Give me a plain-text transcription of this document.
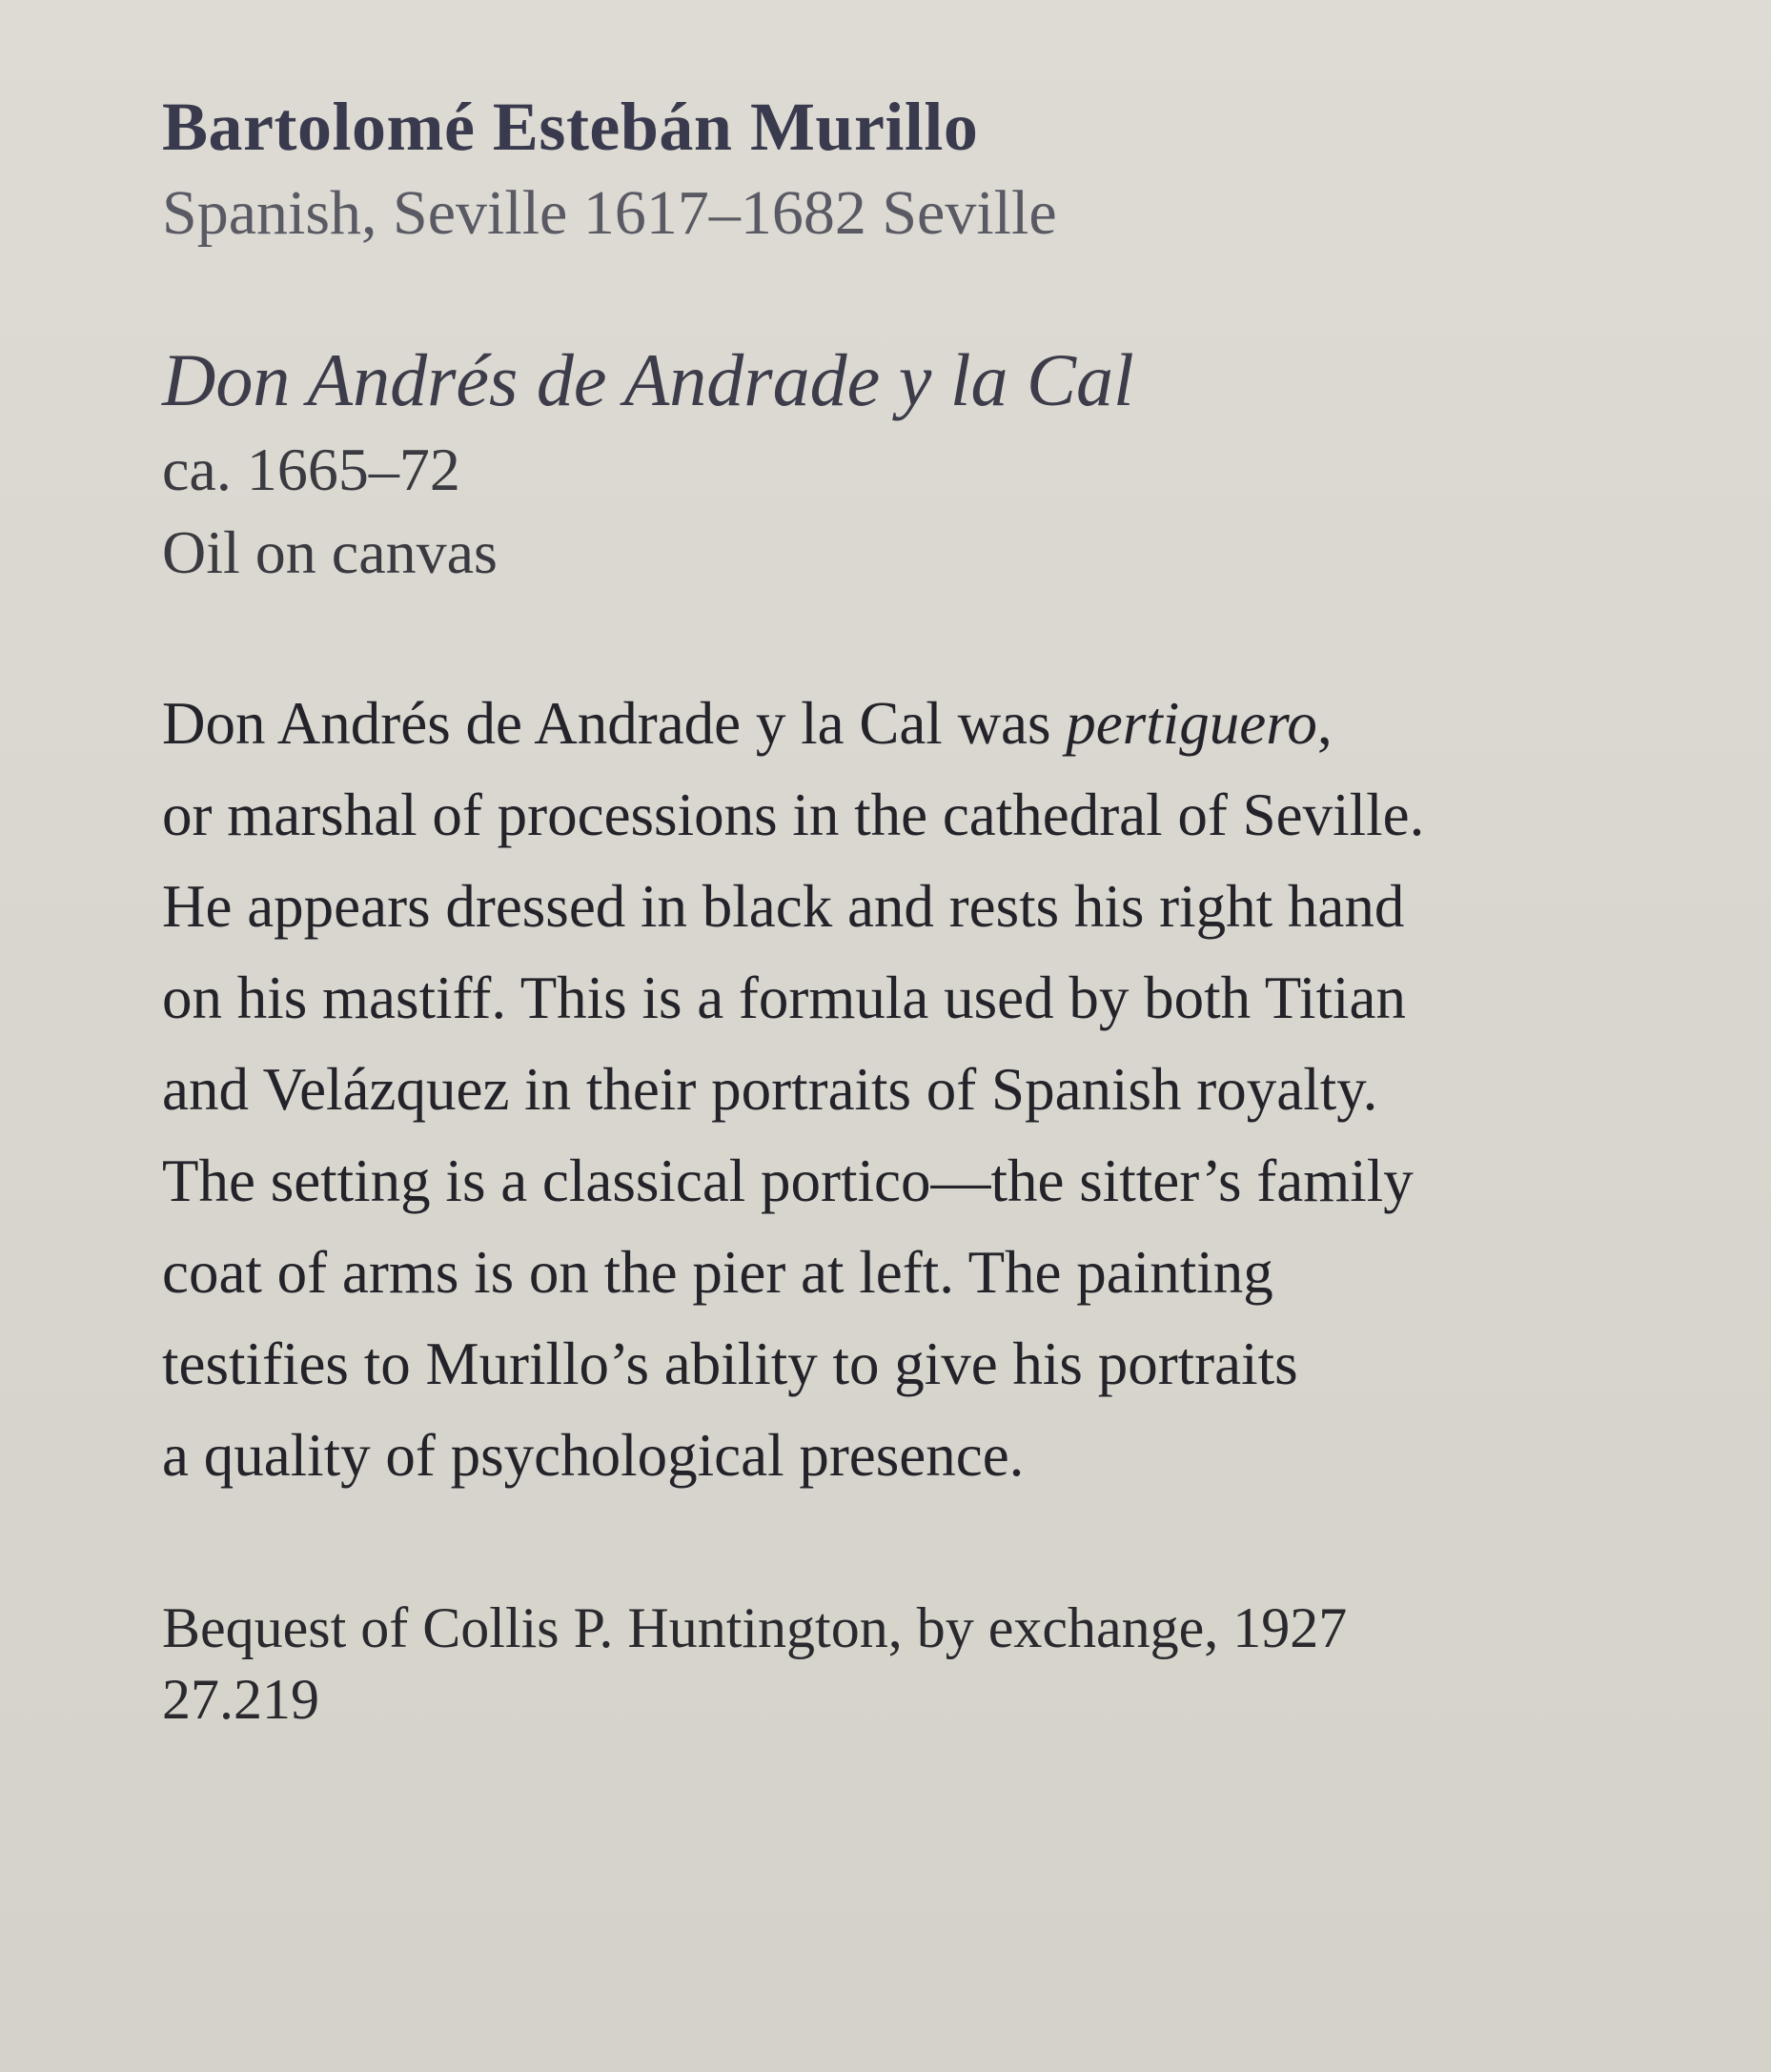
Bartolomé Estebán Murillo

Spanish, Seville 1617–1682 Seville

Don Andrés de Andrade y la Cal

ca. 1665–72

Oil on canvas

Don Andrés de Andrade y la Cal was pertiguero,
or marshal of processions in the cathedral of Seville.
He appears dressed in black and rests his right hand
on his mastiff. This is a formula used by both Titian
and Velázquez in their portraits of Spanish royalty.
The setting is a classical portico—the sitter’s family
coat of arms is on the pier at left. The painting
testifies to Murillo’s ability to give his portraits
a quality of psychological presence.

Bequest of Collis P. Huntington, by exchange, 1927

27.219
